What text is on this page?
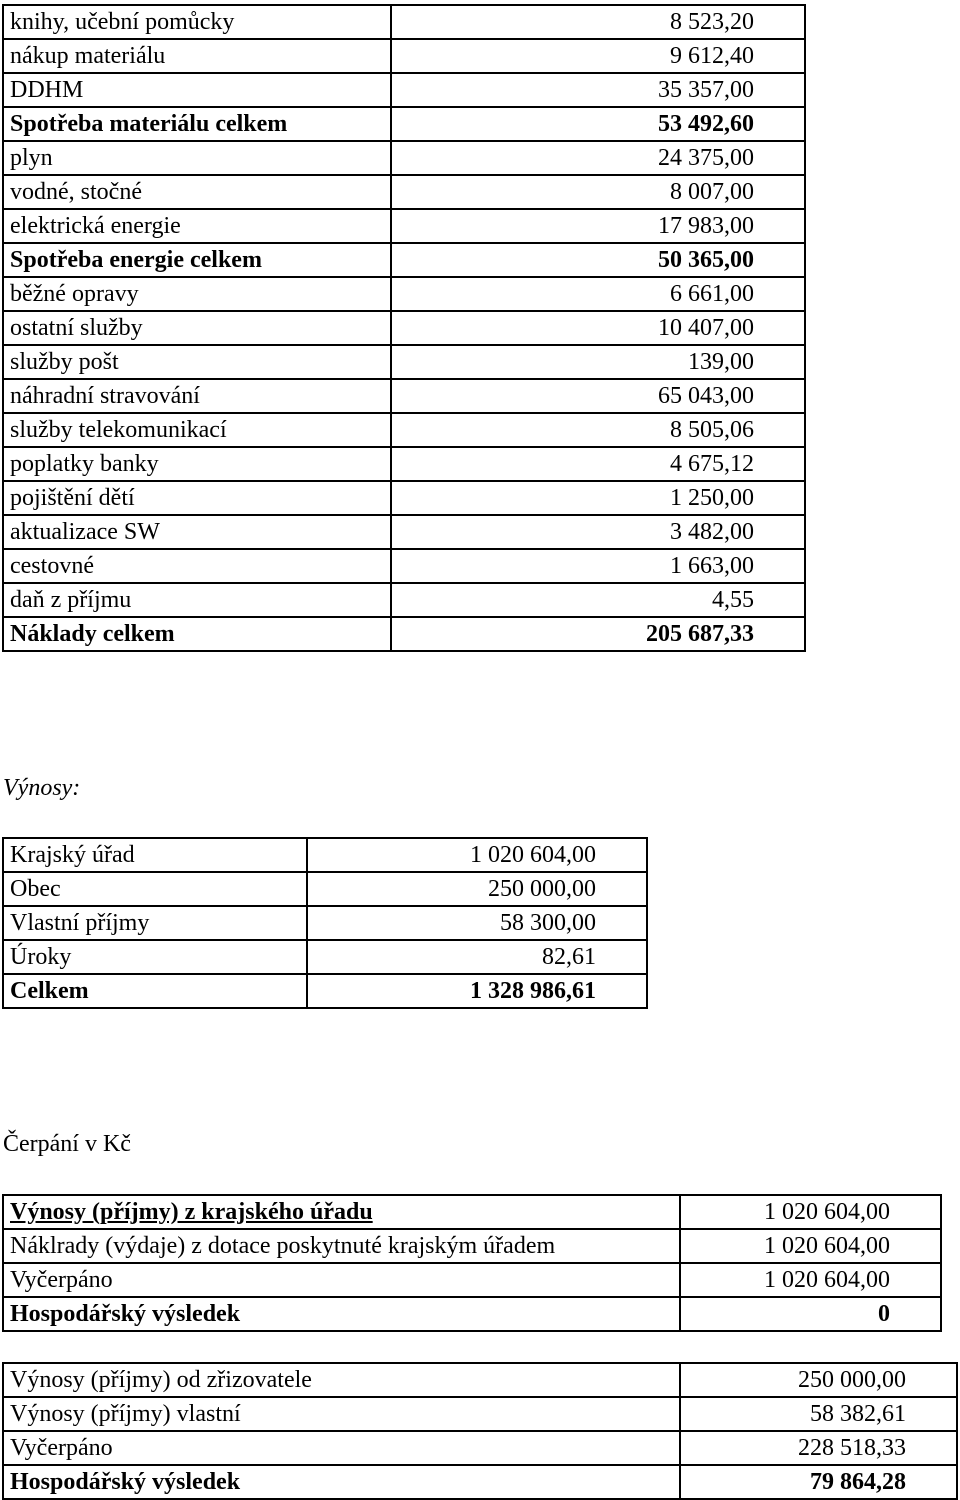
knihy, učební pomůcky	8 523,20
nákup materiálu	9 612,40
DDHM	35 357,00
Spotřeba materiálu celkem	53 492,60
plyn	24 375,00
vodné, stočné	8 007,00
elektrická energie	17 983,00
Spotřeba energie celkem	50 365,00
běžné opravy	6 661,00
ostatní služby	10 407,00
služby pošt	139,00
náhradní stravování	65 043,00
služby telekomunikací	8 505,06
poplatky banky	4 675,12
pojištění dětí	1 250,00
aktualizace SW	3 482,00
cestovné	1 663,00
daň z příjmu	4,55
Náklady celkem	205 687,33
Výnosy:
Krajský úřad	1 020 604,00
Obec	250 000,00
Vlastní příjmy	58 300,00
Úroky	82,61
Celkem	1 328 986,61
Čerpání v Kč
Výnosy (příjmy) z krajského úřadu	1 020 604,00
Náklrady (výdaje) z dotace poskytnuté krajským úřadem	1 020 604,00
Vyčerpáno	1 020 604,00
Hospodářský výsledek	0
Výnosy (příjmy) od zřizovatele	250 000,00
Výnosy (příjmy) vlastní	58 382,61
Vyčerpáno	228 518,33
Hospodářský výsledek	79 864,28
